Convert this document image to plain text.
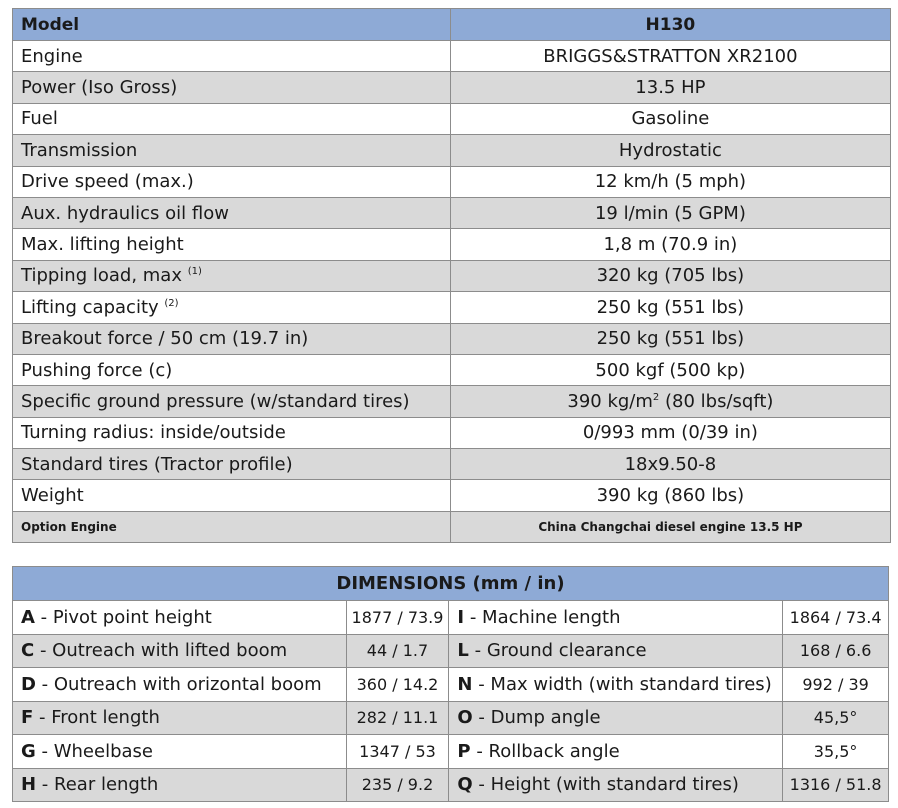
Model	H130
Engine	BRIGGS&STRATTON XR2100
Power (Iso Gross)	13.5 HP
Fuel	Gasoline
Transmission	Hydrostatic
Drive speed (max.)	12 km/h (5 mph)
Aux. hydraulics oil flow	19 l/min (5 GPM)
Max. lifting height	1,8 m (70.9 in)
Tipping load, max $^{(1)}$	320 kg (705 lbs)
Lifting capacity $^{(2)}$	250 kg (551 lbs)
Breakout force / 50 cm (19.7 in)	250 kg (551 lbs)
Pushing force (c)	500 kgf (500 kp)
Specific ground pressure (w/standard tires)	390 $kg/m^2$ (80 lbs/sqft)
Turning radius: inside/outside	0/993 mm (0/39 in)
Standard tires (Tractor profile)	18x9.50-8
Weight	390 kg (860 lbs)
Option Engine	China Changchai diesel engine 13.5 HP
DIMENSIONS (mm / in)			
A - Pivot point height	1877 / 73.9	I - Machine length	1864 / 73.4
C - Outreach with lifted boom	44 / 1.7	L - Ground clearance	168 / 6.6
D - Outreach with orizontal boom	360 / 14.2	N - Max width (with standard tires)	992 / 39
F - Front length	282 / 11.1	O - Dump angle	45,5°
G - Wheelbase	1347 / 53	P - Rollback angle	35,5°
H - Rear length	235 / 9.2	Q - Height (with standard tires)	1316 / 51.8
